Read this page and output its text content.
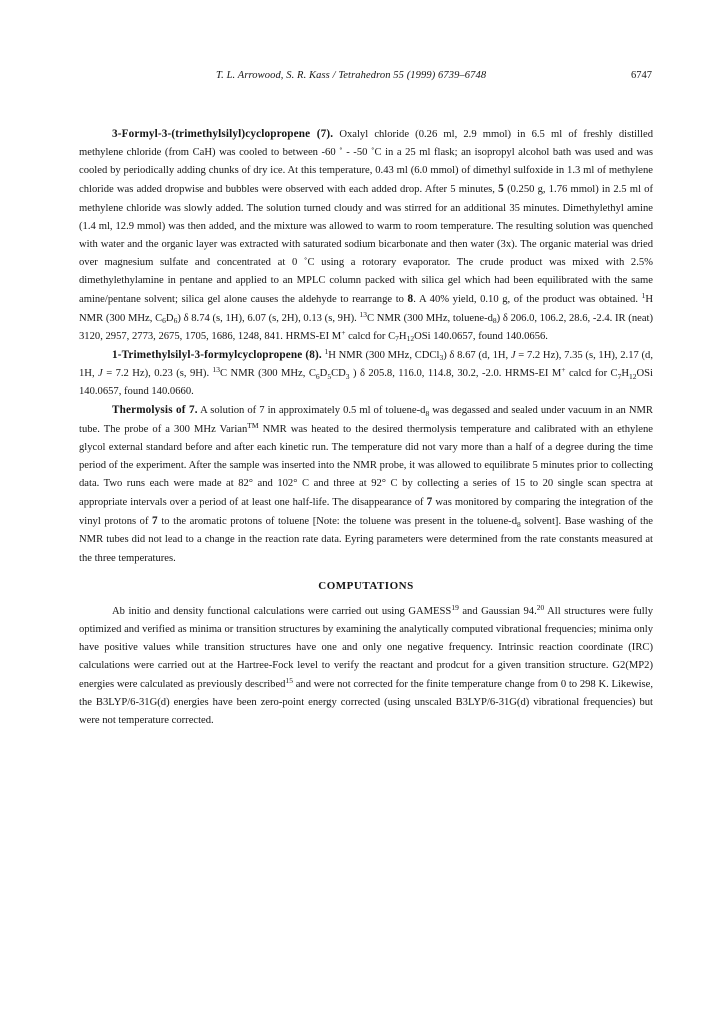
T. L. Arrowood, S. R. Kass / Tetrahedron 55 (1999) 6739–6748	6747

3-Formyl-3-(trimethylsilyl)cyclopropene (7). Oxalyl chloride (0.26 ml, 2.9 mmol) in 6.5 ml of freshly distilled methylene chloride (from CaH) was cooled to between -60 ˚ - -50 ˚C in a 25 ml flask; an isopropyl alcohol bath was used and was cooled by periodically adding chunks of dry ice. At this temperature, 0.43 ml (6.0 mmol) of dimethyl sulfoxide in 1.3 ml of methylene chloride was added dropwise and bubbles were observed with each added drop. After 5 minutes, 5 (0.250 g, 1.76 mmol) in 2.5 ml of methylene chloride was slowly added. The solution turned cloudy and was stirred for an additional 35 minutes. Dimethylethyl amine (1.4 ml, 12.9 mmol) was then added, and the mixture was allowed to warm to room temperature. The resulting solution was quenched with water and the organic layer was extracted with saturated sodium bicarbonate and then water (3x). The organic material was dried over magnesium sulfate and concentrated at 0 ˚C using a rotorary evaporator. The crude product was mixed with 2.5% dimethylethylamine in pentane and applied to an MPLC column packed with silica gel which had been equilibrated with the same amine/pentane solvent; silica gel alone causes the aldehyde to rearrange to 8. A 40% yield, 0.10 g, of the product was obtained. $^1$H NMR (300 MHz, $C_6D_6$) δ 8.74 (s, 1H), 6.07 (s, 2H), 0.13 (s, 9H). $^{13}$C NMR (300 MHz, toluene-$d_8$) δ 206.0, 106.2, 28.6, -2.4. IR (neat) 3120, 2957, 2773, 2675, 1705, 1686, 1248, 841. HRMS-EI M+ calcd for $C_7H_{12}OSi$ 140.0657, found 140.0656.

1-Trimethylsilyl-3-formylcyclopropene (8). $^1$H NMR (300 MHz, CDCl$_3$) δ 8.67 (d, 1H, J = 7.2 Hz), 7.35 (s, 1H), 2.17 (d, 1H, J = 7.2 Hz), 0.23 (s, 9H). $^{13}$C NMR (300 MHz, $C_6D_5CD_3$ ) δ 205.8, 116.0, 114.8, 30.2, -2.0. HRMS-EI M+ calcd for $C_7H_{12}OSi$ 140.0657, found 140.0660.

Thermolysis of 7. A solution of 7 in approximately 0.5 ml of toluene-$d_8$ was degassed and sealed under vacuum in an NMR tube. The probe of a 300 MHz Varian™ NMR was heated to the desired thermolysis temperature and calibrated with an ethylene glycol external standard before and after each kinetic run. The temperature did not vary more than a half of a degree during the time period of the experiment. After the sample was inserted into the NMR probe, it was allowed to equilibrate 5 minutes prior to collecting data. Two runs each were made at 82° and 102° C and three at 92° C by collecting a series of 15 to 20 single scan spectra at appropriate intervals over a period of at least one half-life. The disappearance of 7 was monitored by comparing the integration of the vinyl protons of 7 to the aromatic protons of toluene [Note: the toluene was present in the toluene-$d_8$ solvent]. Base washing of the NMR tubes did not lead to a change in the reaction rate data. Eyring parameters were determined from the rate constants measured at the three temperatures.

COMPUTATIONS

Ab initio and density functional calculations were carried out using GAMESS$^{19}$ and Gaussian 94.20 All structures were fully optimized and verified as minima or transition structures by examining the analytically computed vibrational frequencies; minima only have positive values while transition structures have one and only one negative frequency. Intrinsic reaction coordinate (IRC) calculations were carried out at the Hartree-Fock level to verify the reactant and prodcut for a given transition structure. G2(MP2) energies were calculated as previously described$^{15}$ and were not corrected for the finite temperature change from 0 to 298 K. Likewise, the B3LYP/6-31G(d) energies have been zero-point energy corrected (using unscaled B3LYP/6-31G(d) vibrational frequencies) but were not temperature corrected.
